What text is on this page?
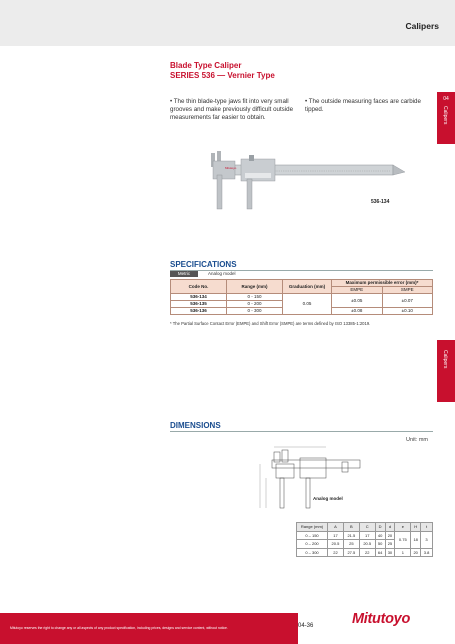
Calipers
Blade Type Caliper
SERIES 536 — Vernier Type
• The thin blade-type jaws fit into very small grooves and make previously difficult outside measurements far easier to obtain.
• The outside measuring faces are carbide tipped.
04
Calipers
Calipers
Mitutoyo
536-134
SPECIFICATIONS
Metric	Analog model
Code No.	Range (mm)	Graduation (mm)	Maximum permissible error (mm)*	
			EMPE	SMPE
536-134	0 - 150	0.05	±0.05	±0.07
536-135	0 - 200			
536-136	0 - 300		±0.08	±0.10
* The Partial Surface Contact Error (EMPE) and Shift Error (SMPE) are terms defined by ISO 13385-1:2019.
DIMENSIONS
Unit: mm
Analog model
Range (mm)	A	B	C	D	d	e	H	t
0 – 150	17	21.5	17	40	20	0.75	18	3
0 – 200	20.5	25	20.5	50	25			
0 – 300	22	27.5	22	64	30	1	20	3.8
Mitutoyo reserves the right to change any or all aspects of any product specification, including prices, designs and service content, without notice.	04-36	Mitutoyo
